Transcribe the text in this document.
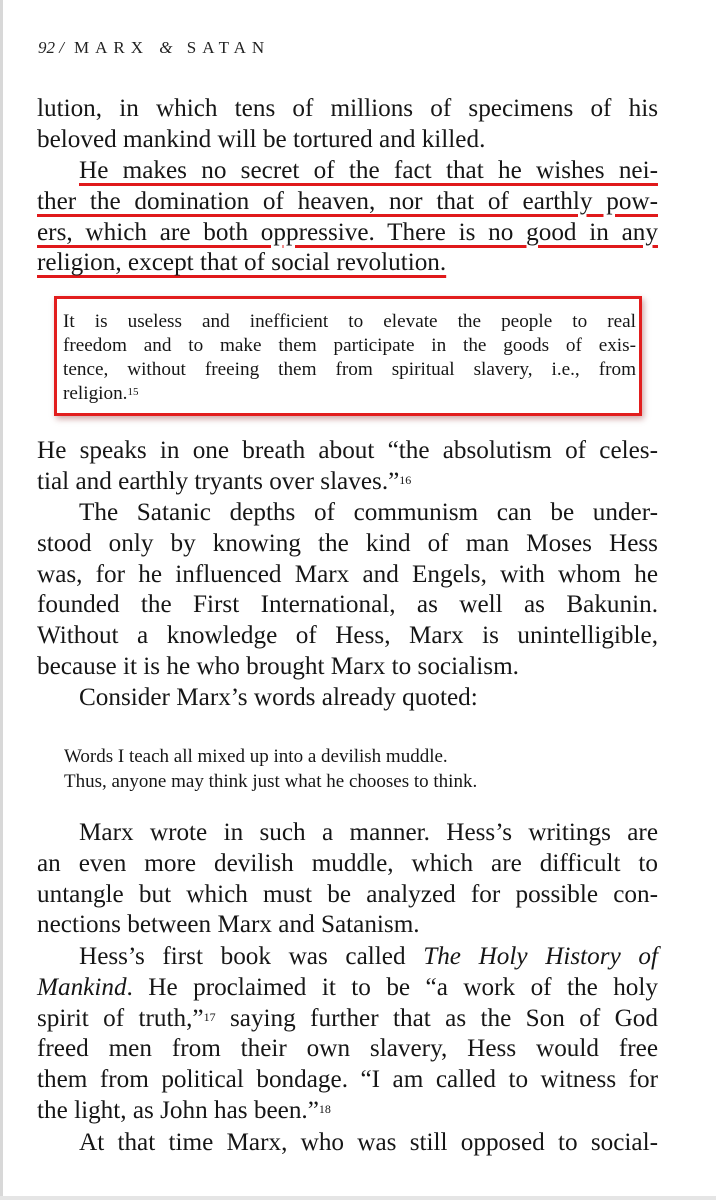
92 / MARX & SATAN
lution, in which tens of millions of specimens of his
beloved mankind will be tortured and killed.
He makes no secret of the fact that he wishes nei-
ther the domination of heaven, nor that of earthly pow-
ers, which are both oppressive. There is no good in any
religion, except that of social revolution.
It is useless and inefficient to elevate the people to real
freedom and to make them participate in the goods of exis-
tence, without freeing them from spiritual slavery, i.e., from
religion.$^{15}$
He speaks in one breath about “the absolutism of celes-
tial and earthly tryants over slaves.”$^{16}$
The Satanic depths of communism can be under-
stood only by knowing the kind of man Moses Hess
was, for he influenced Marx and Engels, with whom he
founded the First International, as well as Bakunin.
Without a knowledge of Hess, Marx is unintelligible,
because it is he who brought Marx to socialism.
Consider Marx’s words already quoted:
Words I teach all mixed up into a devilish muddle.
Thus, anyone may think just what he chooses to think.
Marx wrote in such a manner. Hess’s writings are
an even more devilish muddle, which are difficult to
untangle but which must be analyzed for possible con-
nections between Marx and Satanism.
Hess’s first book was called The Holy History of
Mankind. He proclaimed it to be “a work of the holy
spirit of truth,”$^{17}$ saying further that as the Son of God
freed men from their own slavery, Hess would free
them from political bondage. “I am called to witness for
the light, as John has been.”$^{18}$
At that time Marx, who was still opposed to social-
